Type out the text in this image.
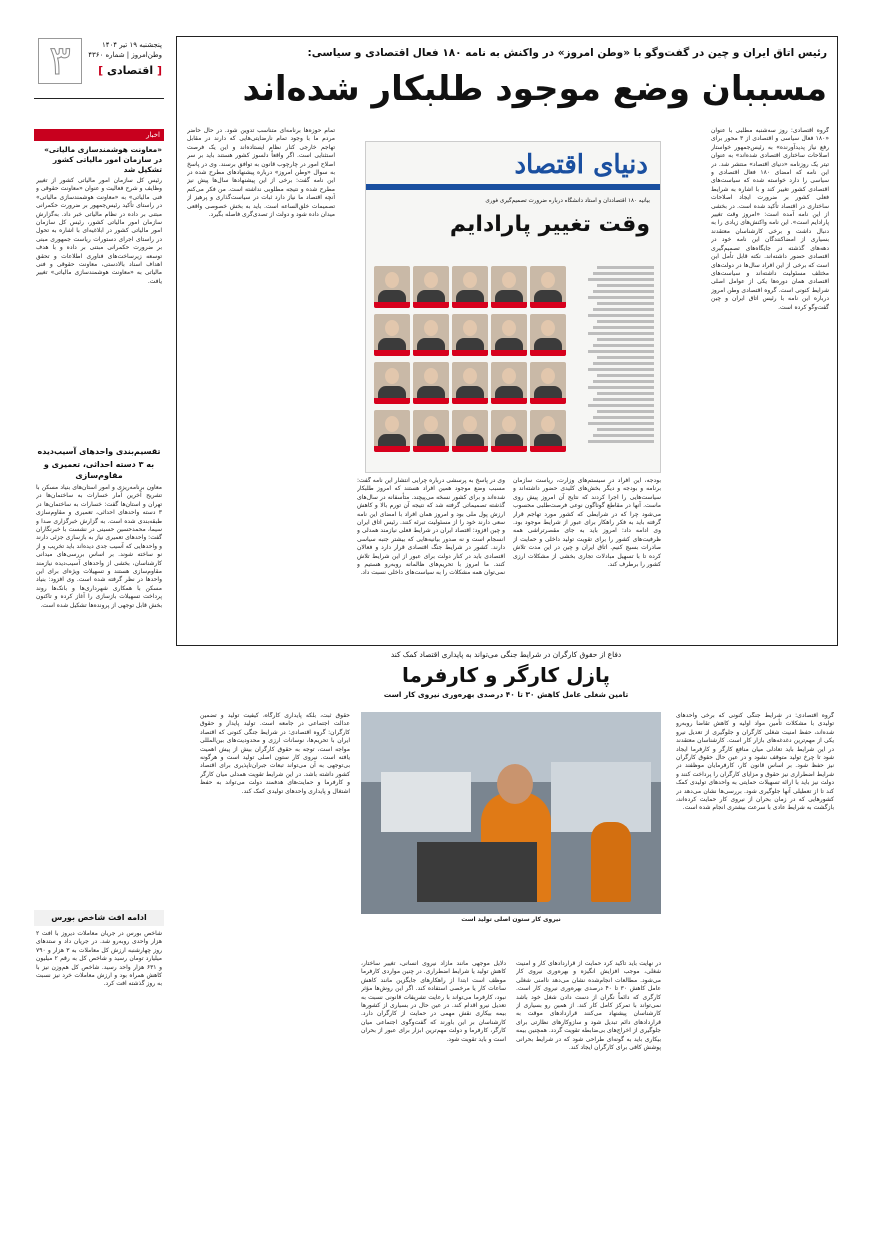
۳	پنجشنبه ۱۹ تیر ۱۴۰۴
وطن‌امروز | شماره ۴۳۶۰
[ اقتصادی ]
اخبار
«معاونت هوشمندسازی مالیاتی» در سازمان امور مالیاتی کشور تشکیل شد
رئیس کل سازمان امور مالیاتی کشور از تغییر وظایف و شرح فعالیت و عنوان «معاونت حقوقی و فنی مالیاتی» به «معاونت هوشمندسازی مالیاتی» در راستای تأکید رئیس‌جمهور بر ضرورت حکمرانی مبتنی بر داده در نظام مالیاتی خبر داد. به‌گزارش سازمان امور مالیاتی کشور، رئیس کل سازمان امور مالیاتی کشور در ابلاغیه‌ای با اشاره به تحول در راستای اجرای دستورات ریاست جمهوری مبنی بر ضرورت حکمرانی مبتنی بر داده و با هدف توسعه زیرساخت‌های فناوری اطلاعات و تحقق اهداف اسناد بالادستی، معاونت حقوقی و فنی مالیاتی به «معاونت هوشمندسازی مالیاتی» تغییر یافت.
تقسیم‌بندی واحدهای آسیب‌دیده
به ۳ دسته احداثی، تعمیری و مقاوم‌سازی
معاون برنامه‌ریزی و امور استان‌های بنیاد مسکن با تشریح آخرین آمار خسارات به ساختمان‌ها در تهران و استان‌ها گفت: خسارات به ساختمان‌ها در ۳ دسته واحدهای احداثی، تعمیری و مقاوم‌سازی طبقه‌بندی شده است. به گزارش خبرگزاری صدا و سیما، محمدحسین حسینی در نشست با خبرنگاران گفت: واحدهای تعمیری نیاز به بازسازی جزئی دارند و واحدهایی که آسیب جدی دیده‌اند باید تخریب و از نو ساخته شوند. بر اساس بررسی‌های میدانی کارشناسان، بخشی از واحدهای آسیب‌دیده نیازمند مقاوم‌سازی هستند و تسهیلات ویژه‌ای برای این واحدها در نظر گرفته شده است. وی افزود: بنیاد مسکن با همکاری شهرداری‌ها و بانک‌ها روند پرداخت تسهیلات بازسازی را آغاز کرده و تاکنون بخش قابل توجهی از پرونده‌ها تشکیل شده است.
ادامه افت شاخص بورس
شاخص بورس در جریان معاملات دیروز با افت ۲ هزار واحدی روبه‌رو شد. در جریان داد و ستدهای روز چهارشنبه ارزش کل معاملات به ۳ هزار و ۷۹۰ میلیارد تومان رسید و شاخص کل به رقم ۲ میلیون و ۶۳۱ هزار واحد رسید. شاخص کل هم‌وزن نیز با کاهش همراه بود و ارزش معاملات خرد نیز نسبت به روز گذشته افت کرد.
رئیس اتاق ایران و چین در گفت‌وگو با «وطن امروز» در واکنش به نامه ۱۸۰ فعال اقتصادی و سیاسی:
مسببان وضع موجود طلبکار شده‌اند
گروه اقتصادی: روز سه‌شنبه مطلبی با عنوان «۱۸۰ فعال سیاسی و اقتصادی از ۳ محور برای رفع نیاز پدیدآورنده» به رئیس‌جمهور خواستار اصلاحات ساختاری اقتصادی شده‌اند» به عنوان تیتر یک روزنامه «دنیای اقتصاد» منتشر شد. در این نامه که امضای ۱۸۰ فعال اقتصادی و سیاسی را دارد خواسته شده که سیاست‌های اقتصادی کشور تغییر کند و با اشاره به شرایط فعلی کشور بر ضرورت ایجاد اصلاحات ساختاری در اقتصاد تأکید شده است. در بخشی از این نامه آمده است: «امروز وقت تغییر پارادایم است». این نامه واکنش‌های زیادی را به دنبال داشت و برخی کارشناسان معتقدند بسیاری از امضاکنندگان این نامه خود در دهه‌های گذشته در جایگاه‌های تصمیم‌گیری اقتصادی حضور داشته‌اند. نکته قابل تأمل این است که برخی از این افراد سال‌ها در دولت‌های مختلف مسئولیت داشته‌اند و سیاست‌های اقتصادی همان دوره‌ها یکی از عوامل اصلی شرایط کنونی است. گروه اقتصادی وطن امروز درباره این نامه با رئیس اتاق ایران و چین گفت‌وگو کرده است.
دنیای اقتصاد
بیانیه ۱۸۰ اقتصاددان و استاد دانشگاه درباره ضرورت تصمیم‌گیری فوری
وقت تغییر پارادایم
وی در پاسخ به پرسشی درباره چرایی انتشار این نامه گفت: مسبب وضع موجود همین افراد هستند که امروز طلبکار شده‌اند و برای کشور نسخه می‌پیچند. متأسفانه در سال‌های گذشته تصمیماتی گرفته شد که نتیجه آن تورم بالا و کاهش ارزش پول ملی بود و امروز همان افراد با امضای این نامه سعی دارند خود را از مسئولیت تبرئه کنند. رئیس اتاق ایران و چین افزود: اقتصاد ایران در شرایط فعلی نیازمند همدلی و انسجام است و نه صدور بیانیه‌هایی که بیشتر جنبه سیاسی دارند. کشور در شرایط جنگ اقتصادی قرار دارد و فعالان اقتصادی باید در کنار دولت برای عبور از این شرایط تلاش کنند. ما امروز با تحریم‌های ظالمانه روبه‌رو هستیم و نمی‌توان همه مشکلات را به سیاست‌های داخلی نسبت داد.
تمام حوزه‌ها برنامه‌ای متناسب تدوین شود. در حال حاضر مردم ما با وجود تمام نارضایتی‌هایی که دارند در مقابل تهاجم خارجی کنار نظام ایستاده‌اند و این یک فرصت استثنایی است. اگر واقعاً دلسوز کشور هستند باید بر سر اصلاح امور در چارچوب قانون به توافق برسند. وی در پاسخ به سوال «وطن امروز» درباره پیشنهادهای مطرح شده در این نامه گفت: برخی از این پیشنهادها سال‌ها پیش نیز مطرح شده و نتیجه مطلوبی نداشته است. من فکر می‌کنم آنچه اقتصاد ما نیاز دارد ثبات در سیاست‌گذاری و پرهیز از تصمیمات خلق‌الساعه است. باید به بخش خصوصی واقعی میدان داده شود و دولت از تصدی‌گری فاصله بگیرد.
بودجه، این افراد در سیستم‌های وزارت، ریاست سازمان برنامه و بودجه و دیگر بخش‌های کلیدی حضور داشته‌اند و سیاست‌هایی را اجرا کردند که نتایج آن امروز پیش روی ماست. آنها در مقاطع گوناگون نوعی فرصت‌طلبی محسوب می‌شود چرا که در شرایطی که کشور مورد تهاجم قرار گرفته باید به فکر راهکار برای عبور از شرایط موجود بود. وی ادامه داد: امروز باید به جای مقصرتراشی همه ظرفیت‌های کشور را برای تقویت تولید داخلی و حمایت از صادرات بسیج کنیم. اتاق ایران و چین در این مدت تلاش کرده تا با تسهیل مبادلات تجاری بخشی از مشکلات ارزی کشور را برطرف کند.
دفاع از حقوق کارگران در شرایط جنگی می‌تواند به پایداری اقتصاد کمک کند
پازل کارگر و کارفرما
تامین شغلی عامل کاهش ۳۰ تا ۴۰ درصدی بهره‌وری نیروی کار است
گروه اقتصادی: در شرایط جنگی کنونی که برخی واحدهای تولیدی با مشکلات تأمین مواد اولیه و کاهش تقاضا روبه‌رو شده‌اند، حفظ امنیت شغلی کارگران و جلوگیری از تعدیل نیرو یکی از مهم‌ترین دغدغه‌های بازار کار است. کارشناسان معتقدند در این شرایط باید تعادلی میان منافع کارگر و کارفرما ایجاد شود تا چرخ تولید متوقف نشود و در عین حال حقوق کارگران نیز حفظ شود. بر اساس قانون کار، کارفرمایان موظفند در شرایط اضطراری نیز حقوق و مزایای کارگران را پرداخت کنند و دولت نیز باید با ارائه تسهیلات حمایتی به واحدهای تولیدی کمک کند تا از تعطیلی آنها جلوگیری شود. بررسی‌ها نشان می‌دهد در کشورهایی که در زمان بحران از نیروی کار حمایت کرده‌اند، بازگشت به شرایط عادی با سرعت بیشتری انجام شده است.
در نهایت باید تأکید کرد حمایت از قراردادهای کار و امنیت شغلی، موجب افزایش انگیزه و بهره‌وری نیروی کار می‌شود. مطالعات انجام‌شده نشان می‌دهد ناامنی شغلی عامل کاهش ۳۰ تا ۴۰ درصدی بهره‌وری نیروی کار است. کارگری که دائماً نگران از دست دادن شغل خود باشد نمی‌تواند با تمرکز کامل کار کند. از همین رو بسیاری از کارشناسان پیشنهاد می‌کنند قراردادهای موقت به قراردادهای دائم تبدیل شود و سازوکارهای نظارتی برای جلوگیری از اخراج‌های بی‌ضابطه تقویت گردد. همچنین بیمه بیکاری باید به گونه‌ای طراحی شود که در شرایط بحرانی پوشش کافی برای کارگران ایجاد کند.
دلایل موجهی مانند مازاد نیروی انسانی، تغییر ساختار، کاهش تولید یا شرایط اضطراری. در چنین مواردی کارفرما موظف است ابتدا از راهکارهای جایگزین مانند کاهش ساعات کار یا مرخصی استفاده کند. اگر این روش‌ها مؤثر نبود، کارفرما می‌تواند با رعایت تشریفات قانونی نسبت به تعدیل نیرو اقدام کند. در عین حال در بسیاری از کشورها بیمه بیکاری نقش مهمی در حمایت از کارگران دارد. کارشناسان بر این باورند که گفت‌وگوی اجتماعی میان کارگر، کارفرما و دولت مهم‌ترین ابزار برای عبور از بحران است و باید تقویت شود.
حقوق ثبت، بلکه پایداری کارگاه، کیفیت تولید و تضمین عدالت اجتماعی در جامعه است. تولید پایدار و حقوق کارگران: گروه اقتصادی: در شرایط جنگی کنونی که اقتصاد ایران با تحریم‌ها، نوسانات ارزی و محدودیت‌های بین‌المللی مواجه است، توجه به حقوق کارگران بیش از پیش اهمیت یافته است. نیروی کار ستون اصلی تولید است و هرگونه بی‌توجهی به آن می‌تواند تبعات جبران‌ناپذیری برای اقتصاد کشور داشته باشد. در این شرایط تقویت همدلی میان کارگر و کارفرما و حمایت‌های هدفمند دولت می‌تواند به حفظ اشتغال و پایداری واحدهای تولیدی کمک کند.
نیروی کار ستون اصلی تولید است
